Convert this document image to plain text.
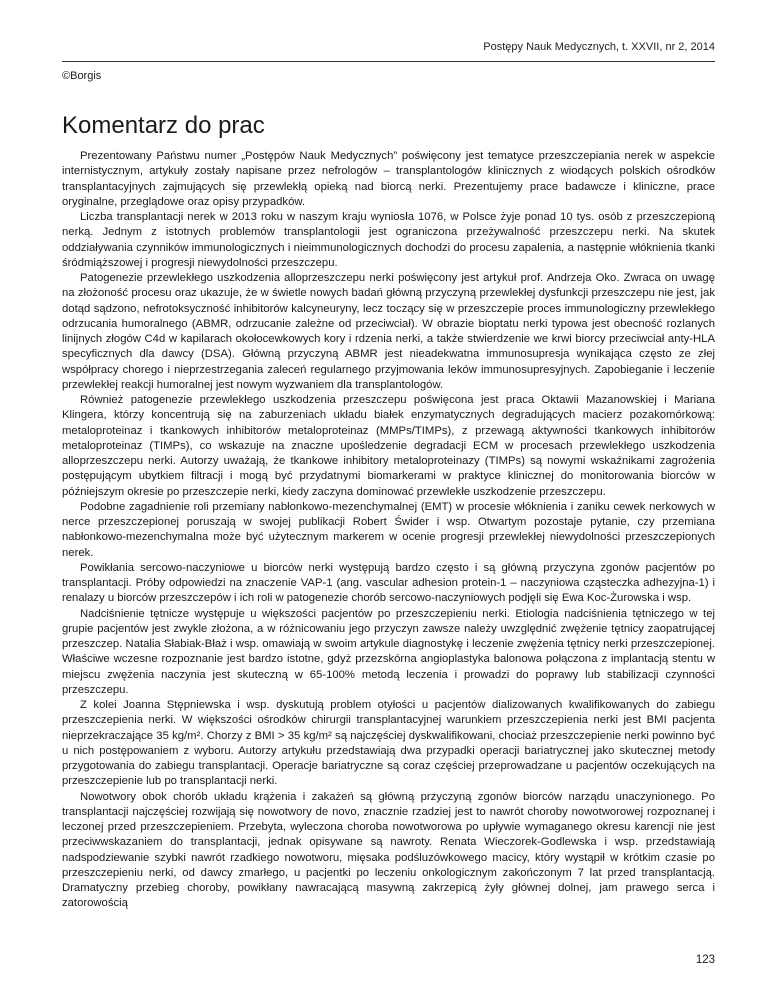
Postępy Nauk Medycznych, t. XXVII, nr 2, 2014
©Borgis
Komentarz do prac

Prezentowany Państwu numer „Postępów Nauk Medycznych” poświęcony jest tematyce przeszczepiania nerek w aspekcie internistycznym, artykuły zostały napisane przez nefrologów – transplantologów klinicznych z wiodących polskich ośrodków transplantacyjnych zajmujących się przewlekłą opieką nad biorcą nerki. Prezentujemy prace badawcze i kliniczne, prace oryginalne, przeglądowe oraz opisy przypadków.

Liczba transplantacji nerek w 2013 roku w naszym kraju wyniosła 1076, w Polsce żyje ponad 10 tys. osób z przeszczepioną nerką. Jednym z istotnych problemów transplantologii jest ograniczona przeżywalność przeszczepu nerki. Na skutek oddziaływania czynników immunologicznych i nieimmunologicznych dochodzi do procesu zapalenia, a następnie włóknienia tkanki śródmiąższowej i progresji niewydolności przeszczepu.

Patogenezie przewlekłego uszkodzenia alloprzeszczepu nerki poświęcony jest artykuł prof. Andrzeja Oko. Zwraca on uwagę na złożoność procesu oraz ukazuje, że w świetle nowych badań główną przyczyną przewlekłej dysfunkcji przeszczepu nie jest, jak dotąd sądzono, nefrotoksyczność inhibitorów kalcyneuryny, lecz toczący się w przeszczepie proces immunologiczny przewlekłego odrzucania humoralnego (ABMR, odrzucanie zależne od przeciwciał). W obrazie bioptatu nerki typowa jest obecność rozlanych linijnych złogów C4d w kapilarach okołocewkowych kory i rdzenia nerki, a także stwierdzenie we krwi biorcy przeciwciał anty-HLA specyficznych dla dawcy (DSA). Główną przyczyną ABMR jest nieadekwatna immunosupresja wynikająca często ze złej współpracy chorego i nieprzestrzegania zaleceń regularnego przyjmowania leków immunosupresyjnych. Zapobieganie i leczenie przewlekłej reakcji humoralnej jest nowym wyzwaniem dla transplantologów.

Również patogenezie przewlekłego uszkodzenia przeszczepu poświęcona jest praca Oktawii Mazanowskiej i Mariana Klingera, którzy koncentrują się na zaburzeniach układu białek enzymatycznych degradujących macierz pozakomórkową: metaloproteinaz i tkankowych inhibitorów metaloproteinaz (MMPs/TIMPs), z przewagą aktywności tkankowych inhibitorów metaloproteinaz (TIMPs), co wskazuje na znaczne upośledzenie degradacji ECM w procesach przewlekłego uszkodzenia alloprzeszczepu nerki. Autorzy uważają, że tkankowe inhibitory metaloproteinazy (TIMPs) są nowymi wskaźnikami zagrożenia postępującym ubytkiem filtracji i mogą być przydatnymi biomarkerami w praktyce klinicznej do monitorowania biorców w późniejszym okresie po przeszczepie nerki, kiedy zaczyna dominować przewlekłe uszkodzenie przeszczepu.

Podobne zagadnienie roli przemiany nabłonkowo-mezenchymalnej (EMT) w procesie włóknienia i zaniku cewek nerkowych w nerce przeszczepionej poruszają w swojej publikacji Robert Świder i wsp. Otwartym pozostaje pytanie, czy przemiana nabłonkowo-mezenchymalna może być użytecznym markerem w ocenie progresji przewlekłej niewydolności przeszczepionych nerek.

Powikłania sercowo-naczyniowe u biorców nerki występują bardzo często i są główną przyczyna zgonów pacjentów po transplantacji. Próby odpowiedzi na znaczenie VAP-1 (ang. vascular adhesion protein-1 – naczyniowa cząsteczka adhezyjna-1) i renalazy u biorców przeszczepów i ich roli w patogenezie chorób sercowo-naczyniowych podjęli się Ewa Koc-Żurowska i wsp.

Nadciśnienie tętnicze występuje u większości pacjentów po przeszczepieniu nerki. Etiologia nadciśnienia tętniczego w tej grupie pacjentów jest zwykle złożona, a w różnicowaniu jego przyczyn zawsze należy uwzględnić zwężenie tętnicy zaopatrującej przeszczep. Natalia Słabiak-Błaż i wsp. omawiają w swoim artykule diagnostykę i leczenie zwężenia tętnicy nerki przeszczepionej. Właściwe wczesne rozpoznanie jest bardzo istotne, gdyż przezskórna angioplastyka balonowa połączona z implantacją stentu w miejscu zwężenia naczynia jest skuteczną w 65-100% metodą leczenia i prowadzi do poprawy lub stabilizacji czynności przeszczepu.

Z kolei Joanna Stępniewska i wsp. dyskutują problem otyłości u pacjentów dializowanych kwalifikowanych do zabiegu przeszczepienia nerki. W większości ośrodków chirurgii transplantacyjnej warunkiem przeszczepienia nerki jest BMI pacjenta nieprzekraczające 35 kg/m². Chorzy z BMI > 35 kg/m² są najczęściej dyskwalifikowani, chociaż przeszczepienie nerki powinno być u nich postępowaniem z wyboru. Autorzy artykułu przedstawiają dwa przypadki operacji bariatrycznej jako skutecznej metody przygotowania do zabiegu transplantacji. Operacje bariatryczne są coraz częściej przeprowadzane u pacjentów oczekujących na przeszczepienie lub po transplantacji nerki.

Nowotwory obok chorób układu krążenia i zakażeń są główną przyczyną zgonów biorców narządu unaczynionego. Po transplantacji najczęściej rozwijają się nowotwory de novo, znacznie rzadziej jest to nawrót choroby nowotworowej rozpoznanej i leczonej przed przeszczepieniem. Przebyta, wyleczona choroba nowotworowa po upływie wymaganego okresu karencji nie jest przeciwwskazaniem do transplantacji, jednak opisywane są nawroty. Renata Wieczorek-Godlewska i wsp. przedstawiają nadspodziewanie szybki nawrót rzadkiego nowotworu, mięsaka podśluzówkowego macicy, który wystąpił w krótkim czasie po przeszczepieniu nerki, od dawcy zmarłego, u pacjentki po leczeniu onkologicznym zakończonym 7 lat przed transplantacją. Dramatyczny przebieg choroby, powikłany nawracającą masywną zakrzepicą żyły głównej dolnej, jam prawego serca i zatorowością

123
